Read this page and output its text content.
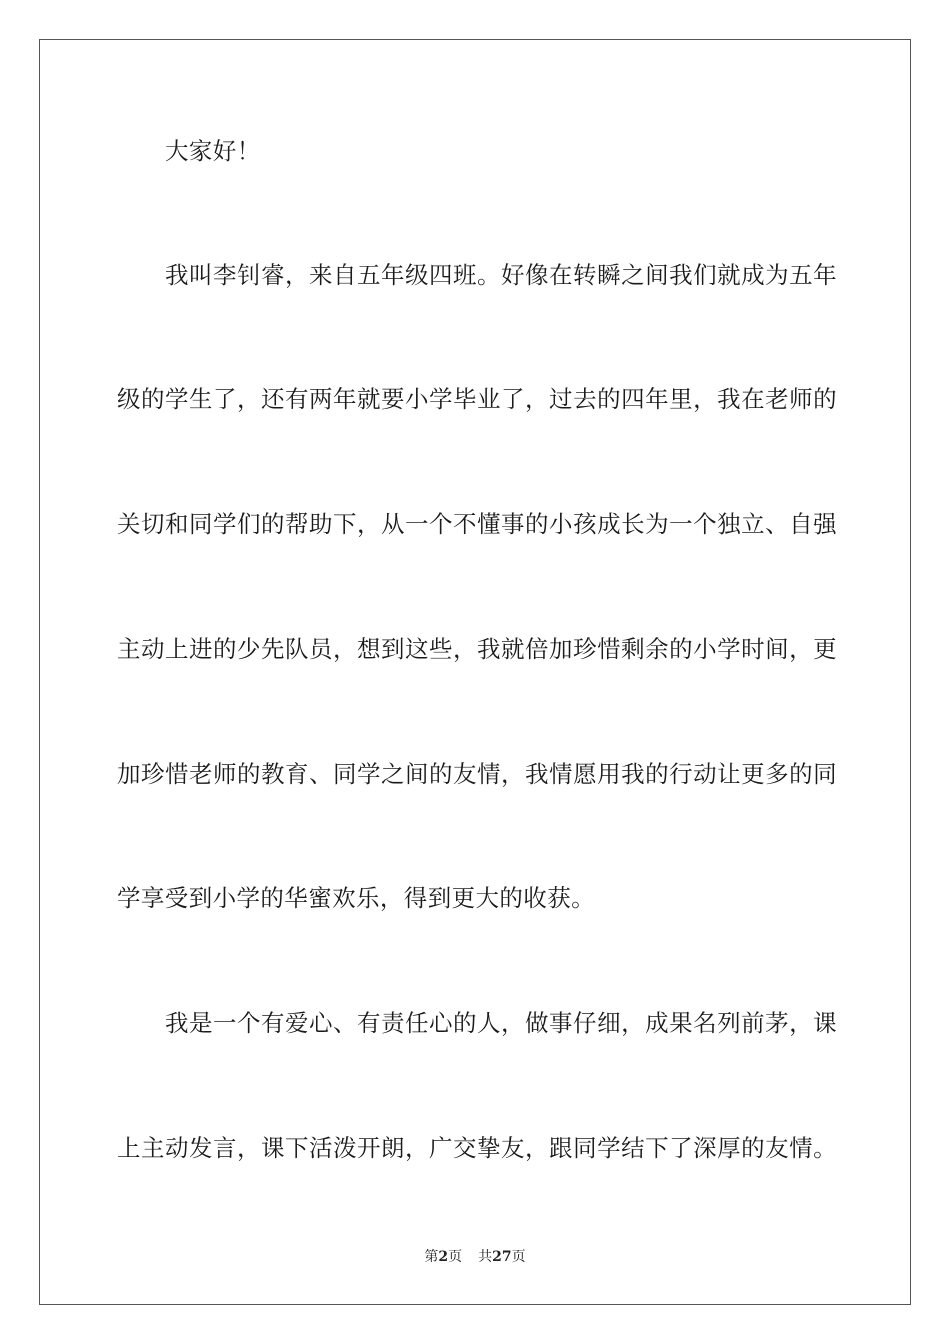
大家好！
我叫李钊睿，来自五年级四班。好像在转瞬之间我们就成为五年
级的学生了，还有两年就要小学毕业了，过去的四年里，我在老师的
关切和同学们的帮助下，从一个不懂事的小孩成长为一个独立、自强
主动上进的少先队员，想到这些，我就倍加珍惜剩余的小学时间，更
加珍惜老师的教育、同学之间的友情，我情愿用我的行动让更多的同
学享受到小学的华蜜欢乐，得到更大的收获。
我是一个有爱心、有责任心的人，做事仔细，成果名列前茅，课
上主动发言，课下活泼开朗，广交挚友，跟同学结下了深厚的友情。
第2页 共27页
